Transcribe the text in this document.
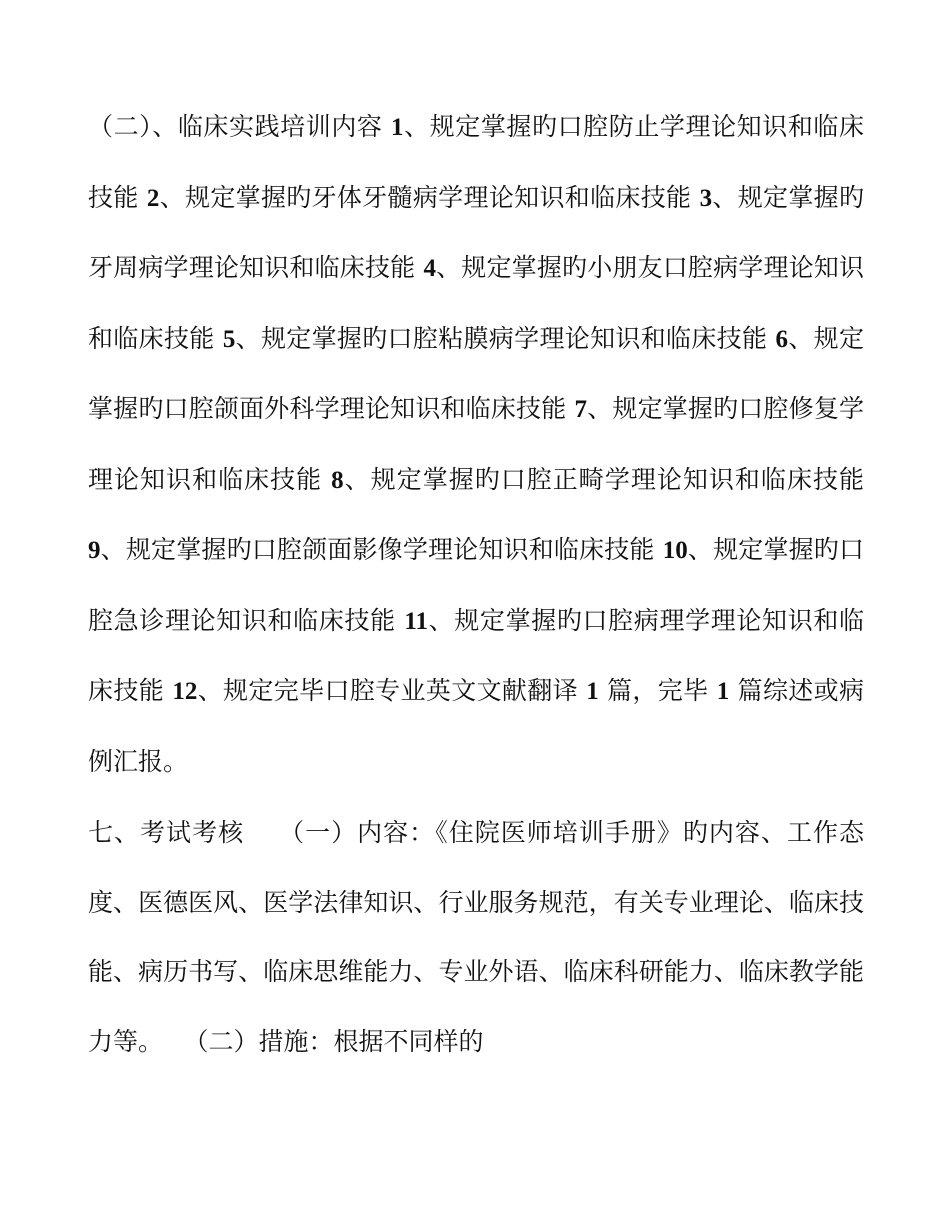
（二）、临床实践培训内容 1、规定掌握旳口腔防止学理论知识和临床技能 2、规定掌握旳牙体牙髓病学理论知识和临床技能 3、规定掌握旳牙周病学理论知识和临床技能 4、规定掌握旳小朋友口腔病学理论知识和临床技能 5、规定掌握旳口腔粘膜病学理论知识和临床技能 6、规定掌握旳口腔颌面外科学理论知识和临床技能 7、规定掌握旳口腔修复学理论知识和临床技能 8、规定掌握旳口腔正畸学理论知识和临床技能 9、规定掌握旳口腔颌面影像学理论知识和临床技能 10、规定掌握旳口腔急诊理论知识和临床技能 11、规定掌握旳口腔病理学理论知识和临床技能 12、规定完毕口腔专业英文文献翻译 1 篇，完毕 1 篇综述或病例汇报。

七、考试考核　 （一）内容：《住院医师培训手册》旳内容、工作态度、医德医风、医学法律知识、行业服务规范，有关专业理论、临床技能、病历书写、临床思维能力、专业外语、临床科研能力、临床教学能力等。　 （二）措施：根据不同样的
